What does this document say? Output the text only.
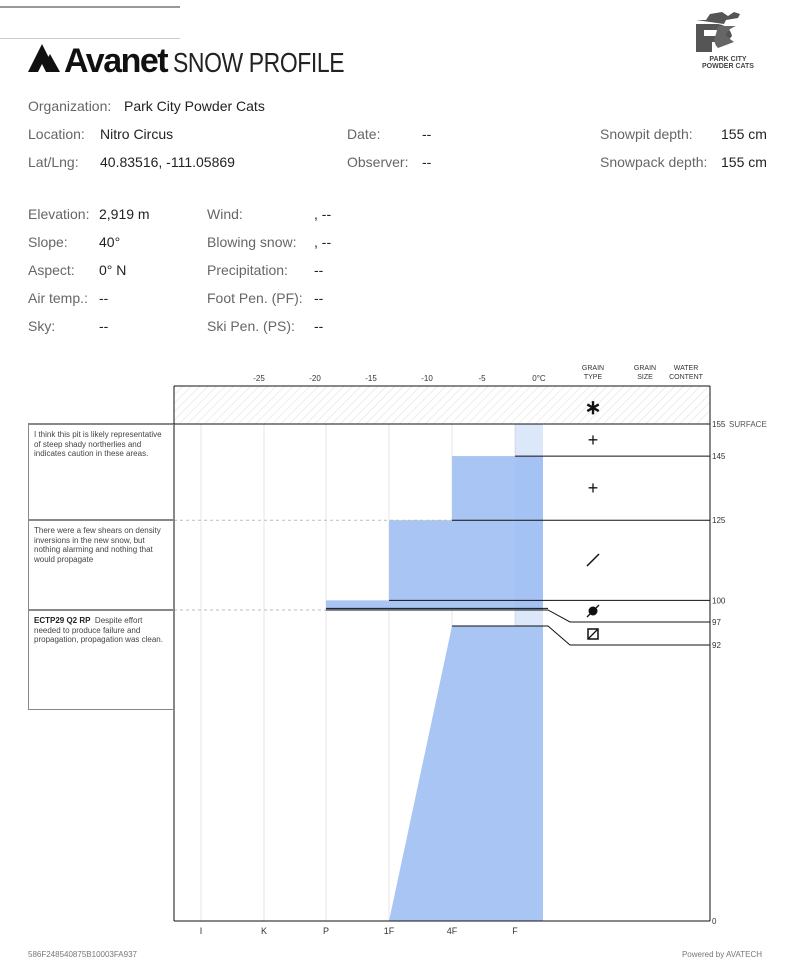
Avanet SNOW PROFILE	PARK CITY
POWDER CATS
Organization: Park City Powder Cats
Location: Nitro Circus	Date:	--	Snowpit depth: 155 cm
Lat/Lng: 40.83516, -111.05869	Observer: --	Snowpack depth: 155 cm
Elevation: 2,919 m
Slope: 40°
Aspect: 0° N
Air temp.: --
Sky:	--
Wind:	, --
Blowing snow: , --
Precipitation: --
Foot Pen. (PF): --
Ski Pen. (PS): --
-25	-20	-15	-10	-5	0°C
GRAIN
TYPE
GRAIN
SIZE
WATER
CONTENT
I	K	P	1F	4F	F
155
145
125
100
97
92
0
SURFACE
∗
+
+
I think this pit is likely representative of steep shady northerlies and indicates caution in these areas.
There were a few shears on density inversions in the new snow, but nothing alarming and nothing that would propagate
ECTP29 Q2 RP Despite effort needed to produce failure and propagation, propagation was clean.
586F248540875B10003FA937	Powered by AVATECH
